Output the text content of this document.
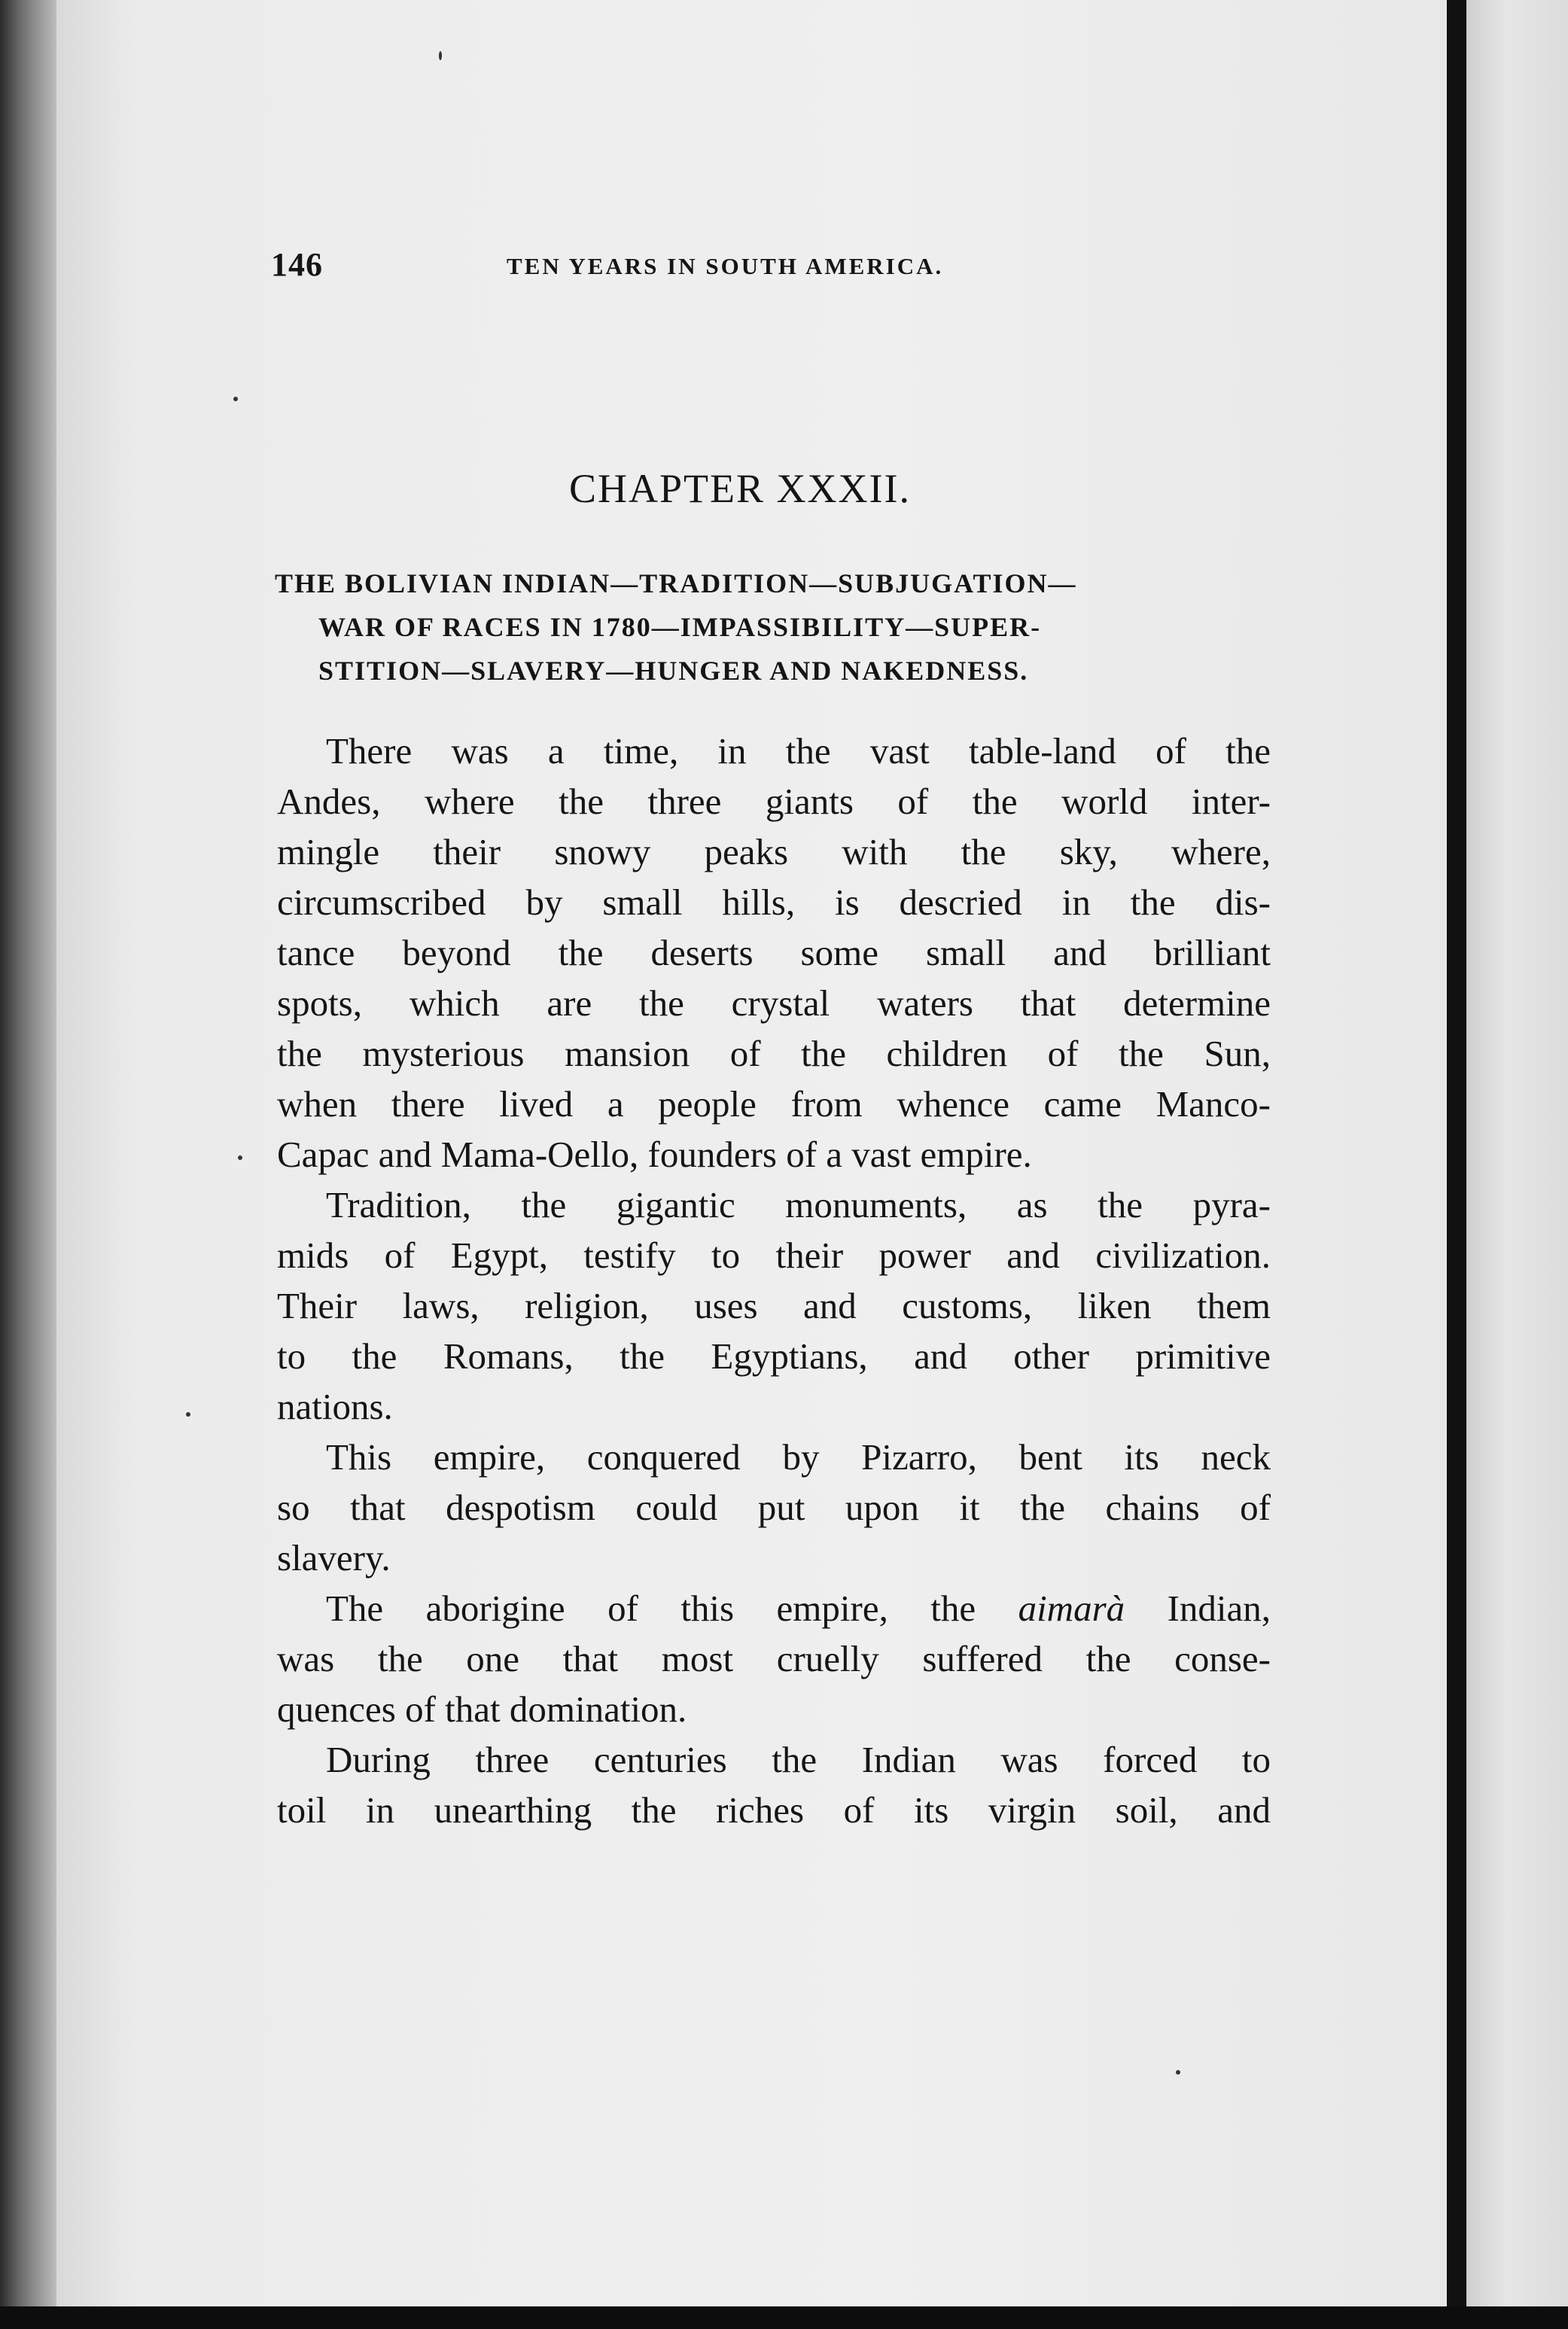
146	TEN YEARS IN SOUTH AMERICA.
CHAPTER XXXII.
THE BOLIVIAN INDIAN—TRADITION—SUBJUGATION—
WAR OF RACES IN 1780—IMPASSIBILITY—SUPER-
STITION—SLAVERY—HUNGER AND NAKEDNESS.
There was a time, in the vast table-land of the
Andes, where the three giants of the world inter-
mingle their snowy peaks with the sky, where,
circumscribed by small hills, is descried in the dis-
tance beyond the deserts some small and brilliant
spots, which are the crystal waters that determine
the mysterious mansion of the children of the Sun,
when there lived a people from whence came Manco-
Capac and Mama-Oello, founders of a vast empire.
Tradition, the gigantic monuments, as the pyra-
mids of Egypt, testify to their power and civilization.
Their laws, religion, uses and customs, liken them
to the Romans, the Egyptians, and other primitive
nations.
This empire, conquered by Pizarro, bent its neck
so that despotism could put upon it the chains of
slavery.
The aborigine of this empire, the aimarà Indian,
was the one that most cruelly suffered the conse-
quences of that domination.
During three centuries the Indian was forced to
toil in unearthing the riches of its virgin soil, and
